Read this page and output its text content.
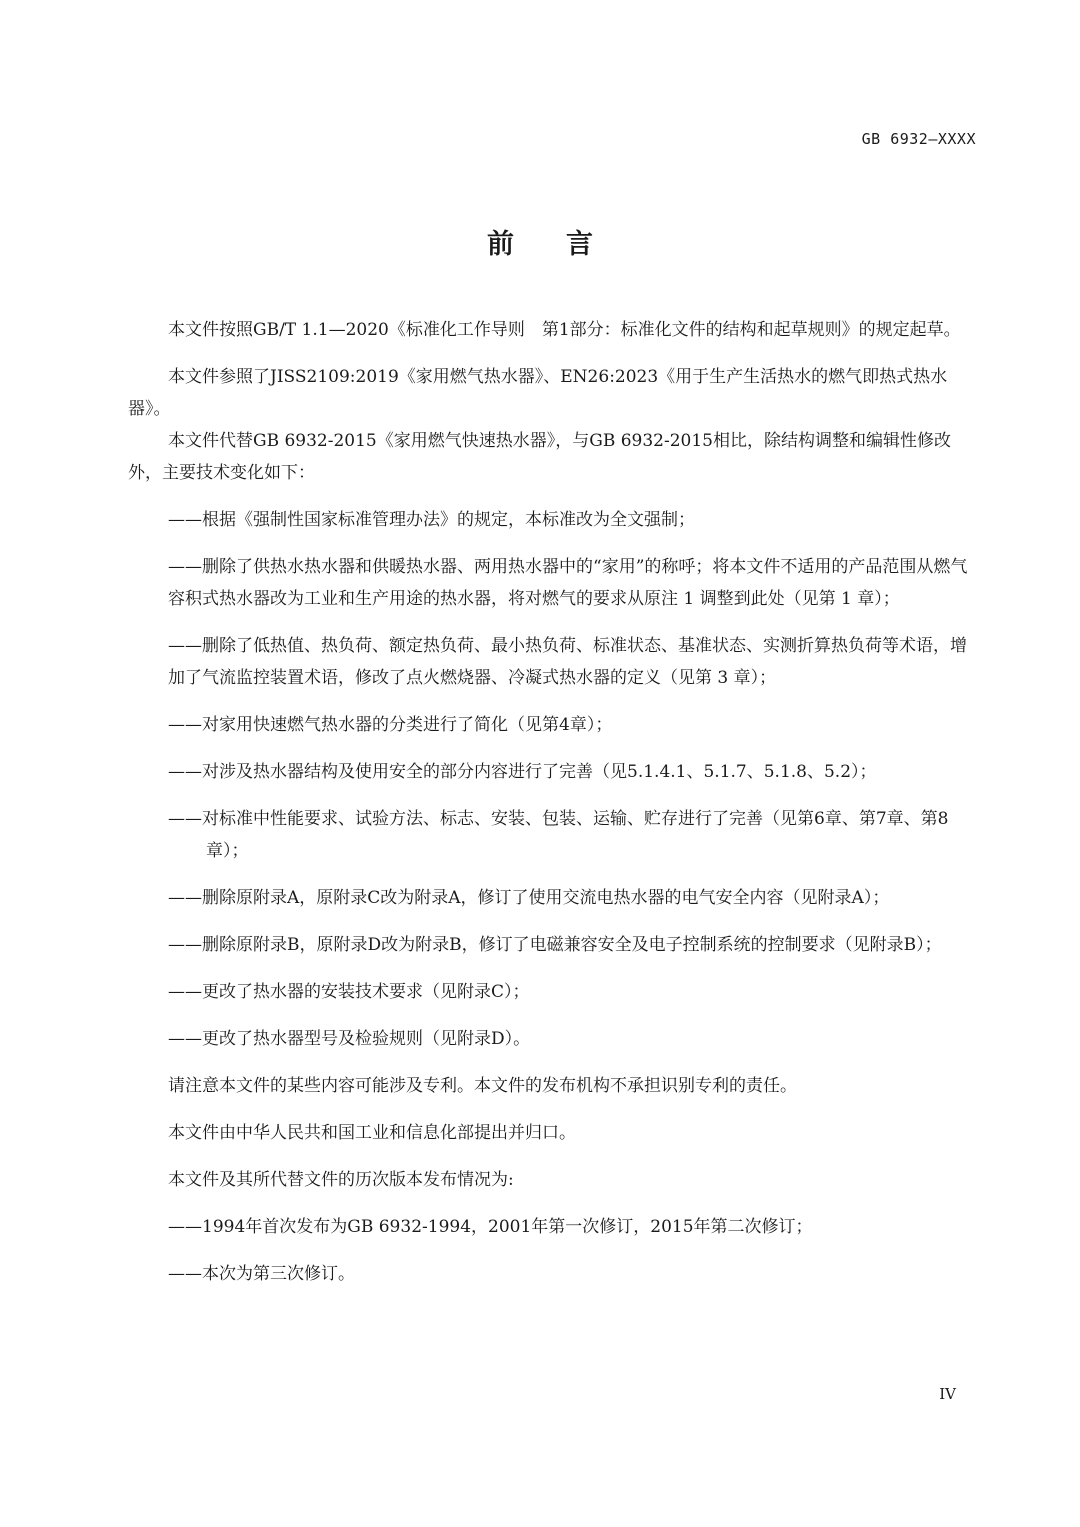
GB 6932—XXXX
前言

本文件按照GB/T 1.1—2020《标准化工作导则　第1部分：标准化文件的结构和起草规则》的规定起草。

本文件参照了JISS2109:2019《家用燃气热水器》、EN26:2023《用于生产生活热水的燃气即热式热水器》。

本文件代替GB 6932-2015《家用燃气快速热水器》，与GB 6932-2015相比，除结构调整和编辑性修改外，主要技术变化如下：

——根据《强制性国家标准管理办法》的规定，本标准改为全文强制；

——删除了供热水热水器和供暖热水器、两用热水器中的“家用”的称呼；将本文件不适用的产品范围从燃气容积式热水器改为工业和生产用途的热水器，将对燃气的要求从原注 1 调整到此处（见第 1 章）；

——删除了低热值、热负荷、额定热负荷、最小热负荷、标准状态、基准状态、实测折算热负荷等术语，增加了气流监控装置术语，修改了点火燃烧器、冷凝式热水器的定义（见第 3 章）；

——对家用快速燃气热水器的分类进行了简化（见第4章）；

——对涉及热水器结构及使用安全的部分内容进行了完善（见5.1.4.1、5.1.7、5.1.8、5.2）；

——对标准中性能要求、试验方法、标志、安装、包装、运输、贮存进行了完善（见第6章、第7章、第8章）；

——删除原附录A，原附录C改为附录A，修订了使用交流电热水器的电气安全内容（见附录A）；

——删除原附录B，原附录D改为附录B，修订了电磁兼容安全及电子控制系统的控制要求（见附录B）；

——更改了热水器的安装技术要求（见附录C）；

——更改了热水器型号及检验规则（见附录D）。

请注意本文件的某些内容可能涉及专利。本文件的发布机构不承担识别专利的责任。

本文件由中华人民共和国工业和信息化部提出并归口。

本文件及其所代替文件的历次版本发布情况为:

——1994年首次发布为GB 6932-1994，2001年第一次修订，2015年第二次修订；

——本次为第三次修订。

IV
